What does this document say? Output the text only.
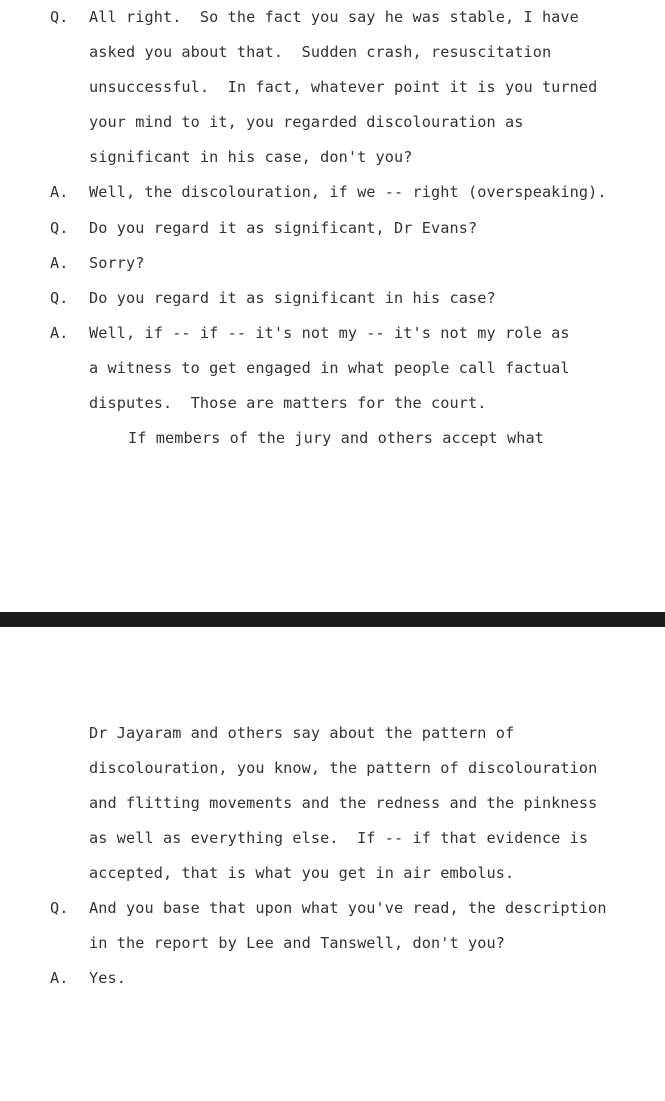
Q.

All right.  So the fact you say he was stable, I have

asked you about that.  Sudden crash, resuscitation

unsuccessful.  In fact, whatever point it is you turned

your mind to it, you regarded discolouration as

significant in his case, don't you?

A.

Well, the discolouration, if we -- right (overspeaking).

Q.

Do you regard it as significant, Dr Evans?

A.

Sorry?

Q.

Do you regard it as significant in his case?

A.

Well, if -- if -- it's not my -- it's not my role as

a witness to get engaged in what people call factual

disputes.  Those are matters for the court.

If members of the jury and others accept what

Dr Jayaram and others say about the pattern of

discolouration, you know, the pattern of discolouration

and flitting movements and the redness and the pinkness

as well as everything else.  If -- if that evidence is

accepted, that is what you get in air embolus.

Q.

And you base that upon what you've read, the description

in the report by Lee and Tanswell, don't you?

A.

Yes.
